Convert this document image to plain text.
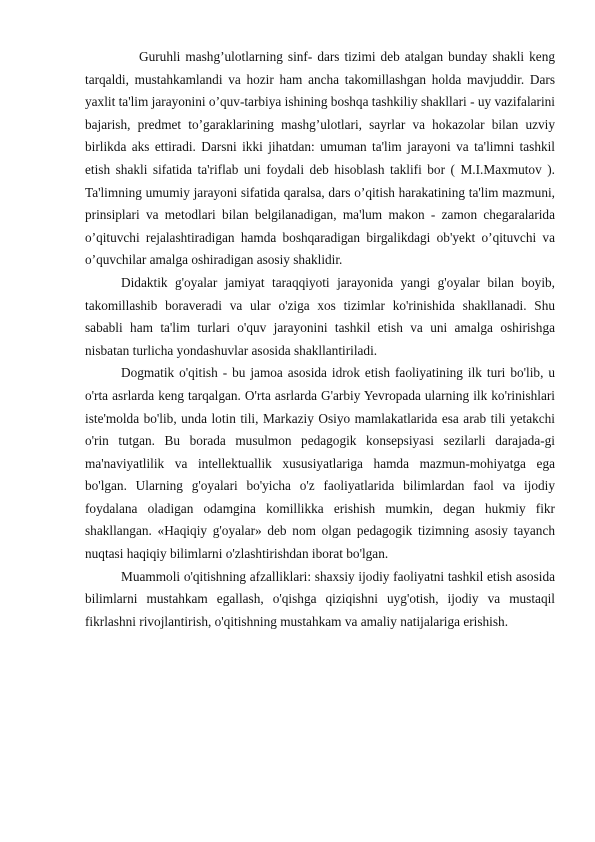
Guruhli mashg’ulotlarning sinf- dars tizimi deb atalgan bunday shakli keng tarqaldi, mustahkamlandi va hozir ham ancha takomillashgan holda mavjuddir. Dars yaxlit ta'lim jarayonini o’quv-tarbiya ishining boshqa tashkiliy shakllari - uy vazifalarini bajarish, predmet to’garaklarining mashg’ulotlari, sayrlar va hokazolar bilan uzviy birlikda aks ettiradi. Darsni ikki jihatdan: umuman ta'lim jarayoni va ta'limni tashkil etish shakli sifatida ta'riflab uni foydali deb hisoblash taklifi bor ( M.I.Maxmutov ). Ta'limning umumiy jarayoni sifatida qaralsa, dars o’qitish harakatining ta'lim mazmuni, prinsiplari va metodlari bilan belgilanadigan, ma'lum makon - zamon chegaralarida o’qituvchi rejalashtiradigan hamda boshqaradigan birgalikdagi ob'yekt o’qituvchi va o’quvchilar amalga oshiradigan asosiy shaklidir.

Didaktik g'oyalar jamiyat taraqqiyoti jarayonida yangi g'oyalar bilan boyib, takomillashib boraveradi va ular o'ziga xos tizimlar ko'rinishida shakllanadi. Shu sababli ham ta'lim turlari o'quv jarayonini tashkil etish va uni amalga oshirishga nisbatan turlicha yondashuvlar asosida shakllantiriladi.

Dogmatik o'qitish - bu jamoa asosida idrok etish faoliyatining ilk turi bo'lib, u o'rta asrlarda keng tarqalgan. O'rta asrlarda G'arbiy Yevropada ularning ilk ko'rinishlari iste'molda bo'lib, unda lotin tili, Markaziy Osiyo mamlakatlarida esa arab tili yetakchi o'rin tutgan. Bu borada musulmon pedagogik konsepsiyasi sezilarli darajada-gi ma'naviyatlilik va intellektuallik xususiyatlariga hamda mazmun-mohiyatga ega bo'lgan. Ularning g'oyalari bo'yicha o'z faoliyatlarida bilimlardan faol va ijodiy foydalana oladigan odamgina komillikka erishish mumkin, degan hukmiy fikr shakllangan. «Haqiqiy g'oyalar» deb nom olgan pedagogik tizimning asosiy tayanch nuqtasi haqiqiy bilimlarni o'zlashtirishdan iborat bo'lgan.

Muammoli o'qitishning afzalliklari: shaxsiy ijodiy faoliyatni tashkil etish asosida bilimlarni mustahkam egallash, o'qishga qiziqishni uyg'otish, ijodiy va mustaqil fikrlashni rivojlantirish, o'qitishning mustahkam va amaliy natijalariga erishish.
